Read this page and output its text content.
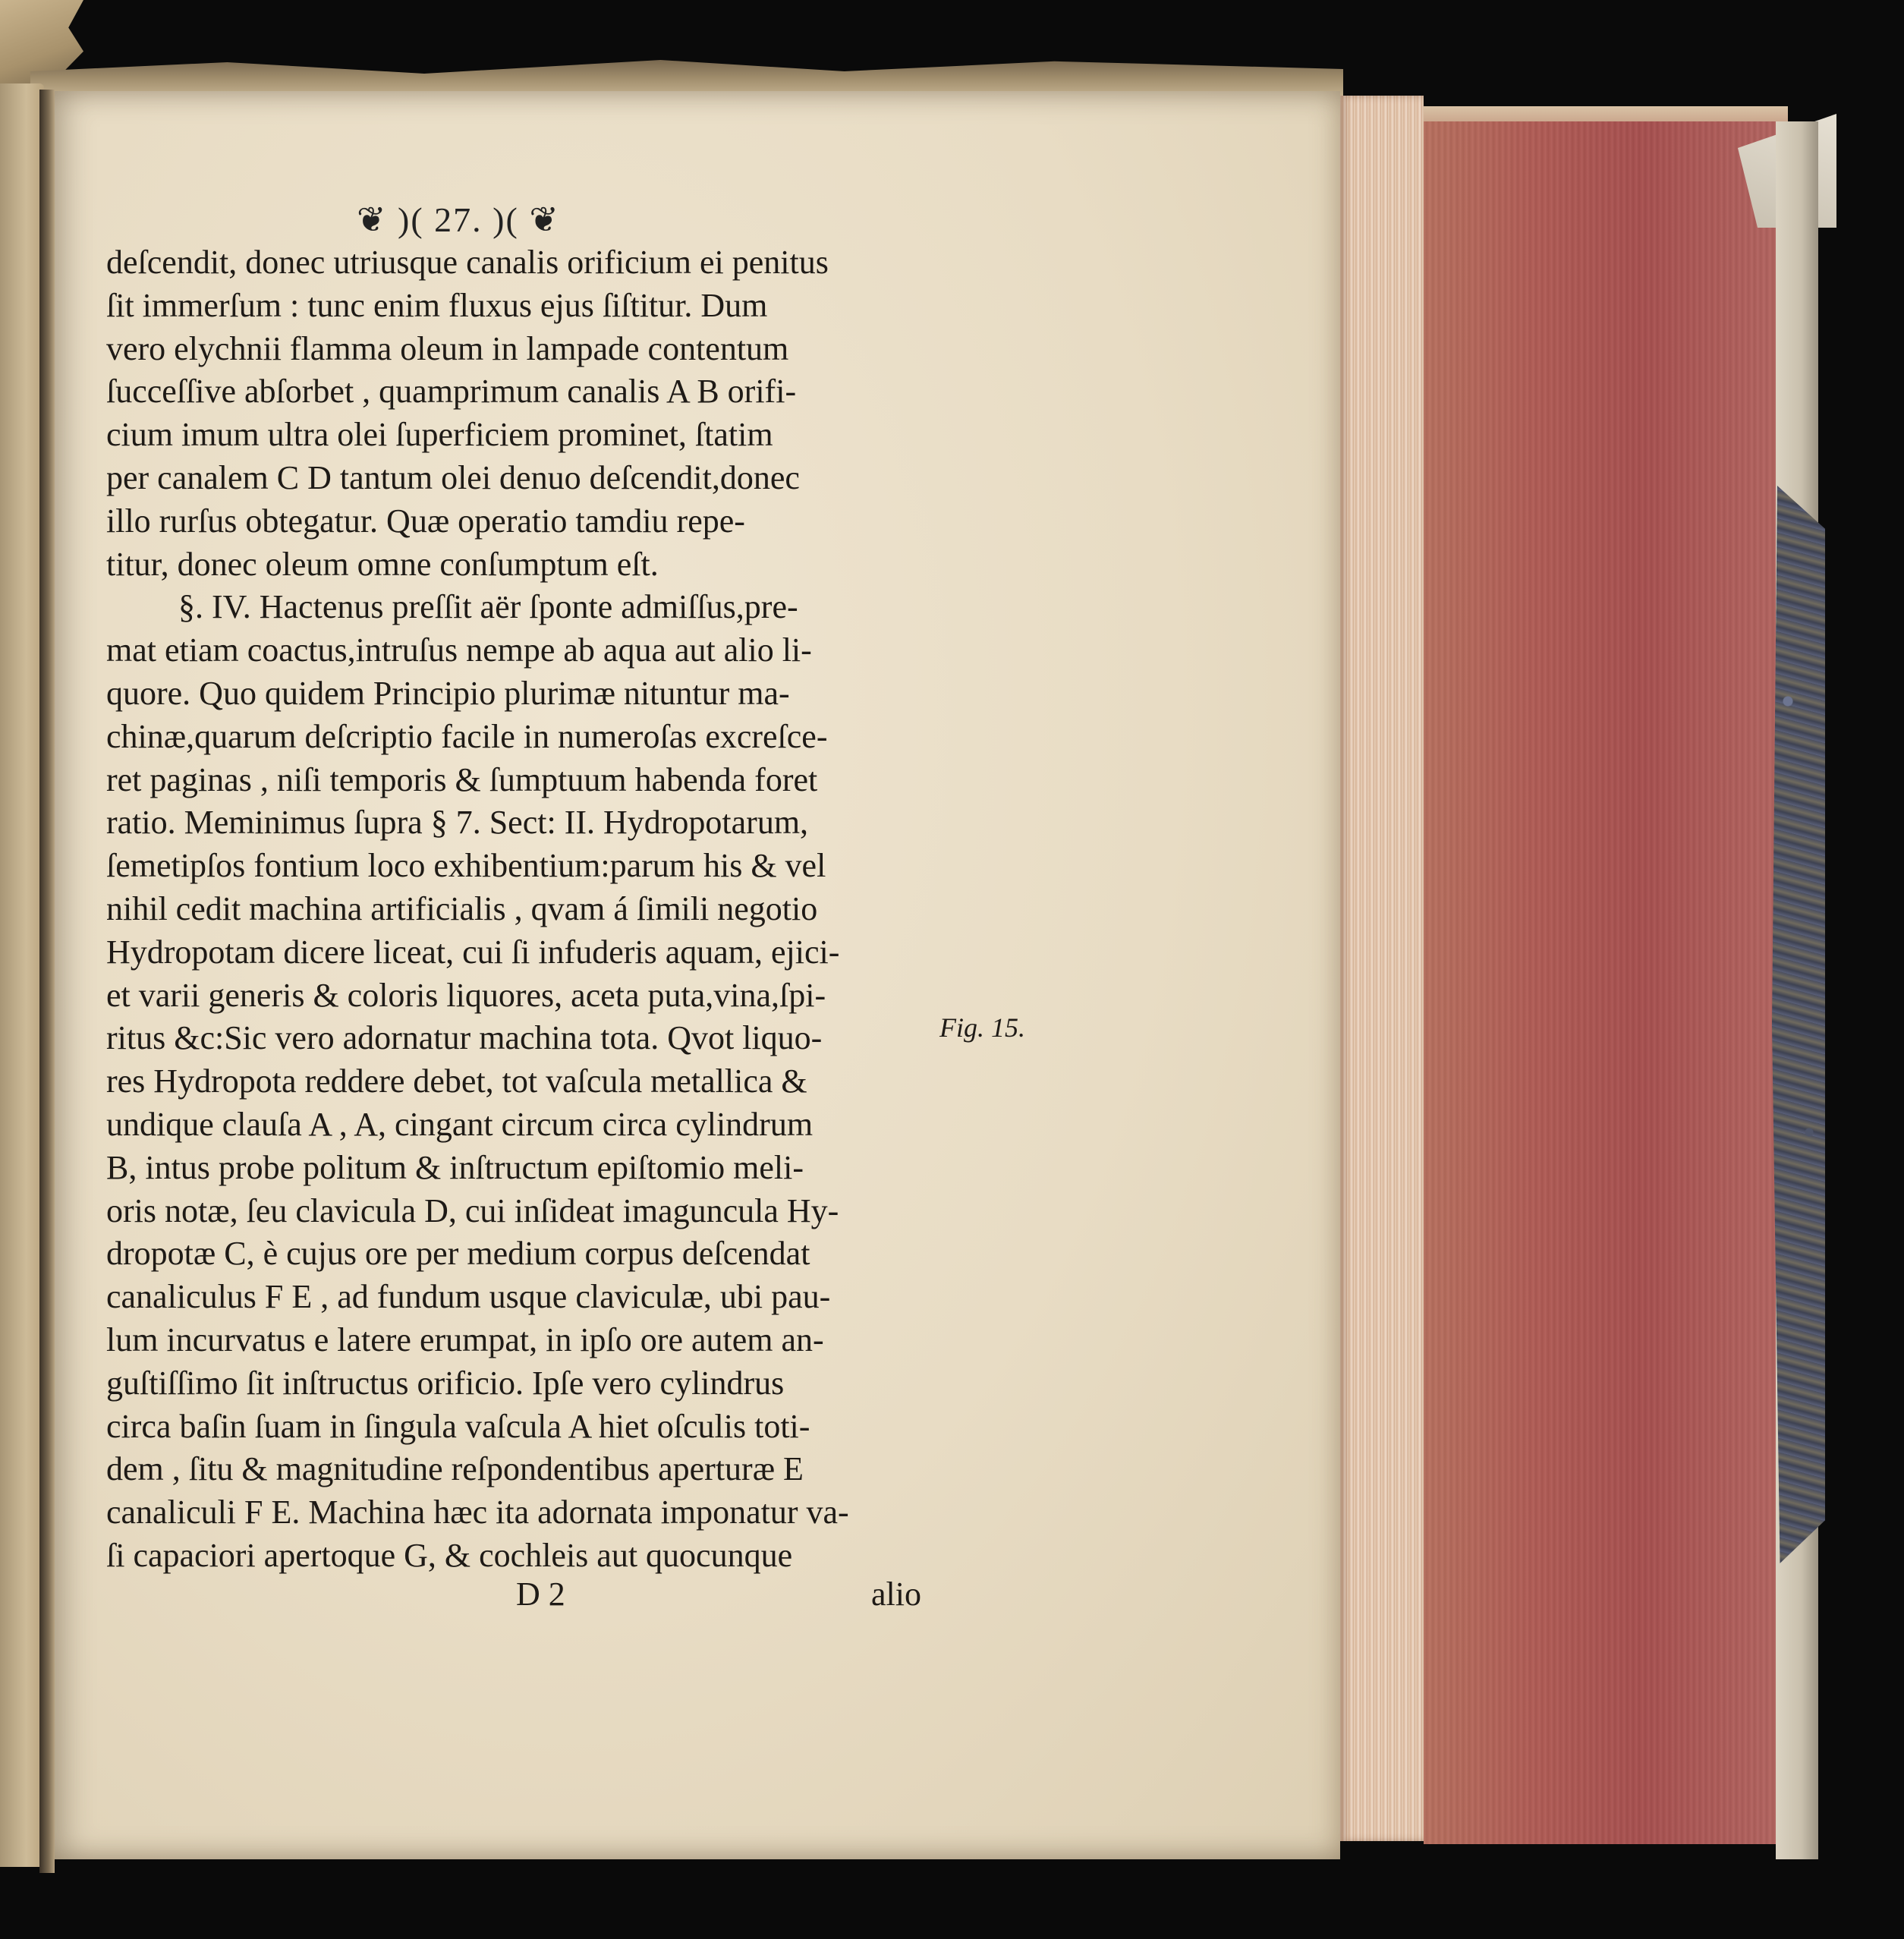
❦ )( 27. )( ❦
deſcendit, donec utriusque canalis orificium ei penitus
ſit immerſum : tunc enim fluxus ejus ſiſtitur. Dum
vero elychnii flamma oleum in lampade contentum
ſucceſſive abſorbet , quamprimum canalis A B orifi-
cium imum ultra olei ſuperficiem prominet, ſtatim
per canalem C D tantum olei denuo deſcendit,donec
illo rurſus obtegatur. Quæ operatio tamdiu repe-
titur, donec oleum omne conſumptum eſt.
§. IV. Hactenus preſſit aër ſponte admiſſus,pre-
mat etiam coactus,intruſus nempe ab aqua aut alio li-
quore. Quo quidem Principio plurimæ nituntur ma-
chinæ,quarum deſcriptio facile in numeroſas excreſce-
ret paginas , niſi temporis & ſumptuum habenda foret
ratio. Meminimus ſupra § 7. Sect: II. Hydropotarum,
ſemetipſos fontium loco exhibentium:parum his & vel
nihil cedit machina artificialis , qvam á ſimili negotio
Hydropotam dicere liceat, cui ſi infuderis aquam, ejici-
et varii generis & coloris liquores, aceta puta,vina,ſpi-
ritus &c:Sic vero adornatur machina tota. Qvot liquo-
res Hydropota reddere debet, tot vaſcula metallica &
undique clauſa A , A, cingant circum circa cylindrum
B, intus probe politum & inſtructum epiſtomio meli-
oris notæ, ſeu clavicula D, cui inſideat imaguncula Hy-
dropotæ C, è cujus ore per medium corpus deſcendat
canaliculus F E , ad fundum usque claviculæ, ubi pau-
lum incurvatus e latere erumpat, in ipſo ore autem an-
guſtiſſimo ſit inſtructus orificio. Ipſe vero cylindrus
circa baſin ſuam in ſingula vaſcula A hiet oſculis toti-
dem , ſitu & magnitudine reſpondentibus aperturæ E
canaliculi F E. Machina hæc ita adornata imponatur va-
ſi capaciori apertoque G, & cochleis aut quocunque
Fig. 15.
D 2	alio
